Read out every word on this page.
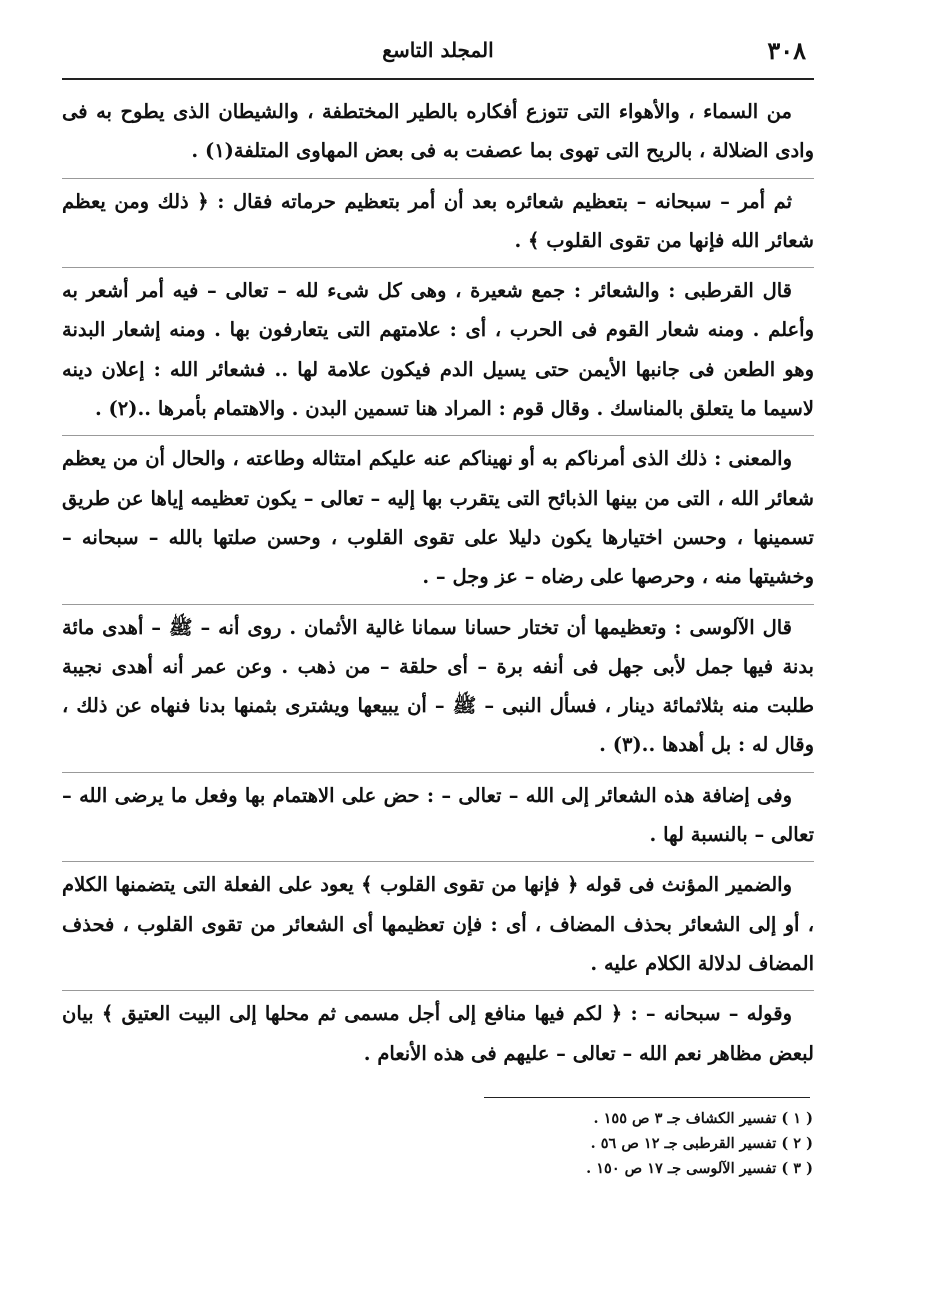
٣٠٨
المجلد التاسع

من السماء ، والأهواء التى تتوزع أفكاره بالطير المختطفة ، والشيطان الذى يطوح به فى وادى الضلالة ، بالريح التى تهوى بما عصفت به فى بعض المهاوى المتلفة(١) .

ثم أمر – سبحانه – بتعظيم شعائره بعد أن أمر بتعظيم حرماته فقال : ﴿ ذلك ومن يعظم شعائر الله فإنها من تقوى القلوب ﴾ .

قال القرطبى : والشعائر : جمع شعيرة ، وهى كل شىء لله – تعالى – فيه أمر أشعر به وأعلم . ومنه شعار القوم فى الحرب ، أى : علامتهم التى يتعارفون بها . ومنه إشعار البدنة وهو الطعن فى جانبها الأيمن حتى يسيل الدم فيكون علامة لها .. فشعائر الله : إعلان دينه لاسيما ما يتعلق بالمناسك . وقال قوم : المراد هنا تسمين البدن . والاهتمام بأمرها ..(٢) .

والمعنى : ذلك الذى أمرناكم به أو نهيناكم عنه عليكم امتثاله وطاعته ، والحال أن من يعظم شعائر الله ، التى من بينها الذبائح التى يتقرب بها إليه – تعالى – يكون تعظيمه إياها عن طريق تسمينها ، وحسن اختيارها يكون دليلا على تقوى القلوب ، وحسن صلتها بالله – سبحانه – وخشيتها منه ، وحرصها على رضاه – عز وجل – .

قال الآلوسى : وتعظيمها أن تختار حسانا سمانا غالية الأثمان . روى أنه – ﷺ – أهدى مائة بدنة فيها جمل لأبى جهل فى أنفه برة – أى حلقة – من ذهب . وعن عمر أنه أهدى نجيبة طلبت منه بثلاثمائة دينار ، فسأل النبى – ﷺ – أن يبيعها ويشترى بثمنها بدنا فنهاه عن ذلك ، وقال له : بل أهدها ..(٣) .

وفى إضافة هذه الشعائر إلى الله – تعالى – : حض على الاهتمام بها وفعل ما يرضى الله – تعالى – بالنسبة لها .

والضمير المؤنث فى قوله ﴿ فإنها من تقوى القلوب ﴾ يعود على الفعلة التى يتضمنها الكلام ، أو إلى الشعائر بحذف المضاف ، أى : فإن تعظيمها أى الشعائر من تقوى القلوب ، فحذف المضاف لدلالة الكلام عليه .

وقوله – سبحانه – : ﴿ لكم فيها منافع إلى أجل مسمى ثم محلها إلى البيت العتيق ﴾ بيان لبعض مظاهر نعم الله – تعالى – عليهم فى هذه الأنعام .

( ١ ) تفسير الكشاف جـ ٣ ص ١٥٥ .
( ٢ ) تفسير القرطبى جـ ١٢ ص ٥٦ .
( ٣ ) تفسير الآلوسى جـ ١٧ ص ١٥٠ .
